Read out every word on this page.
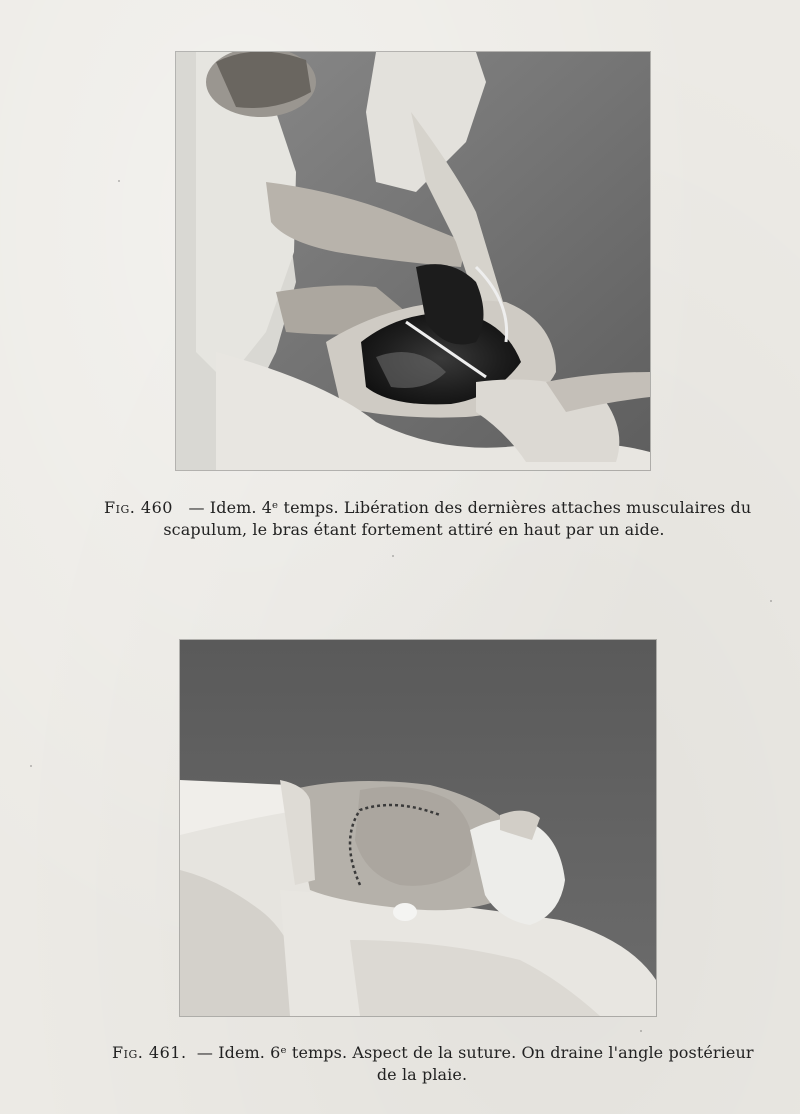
Fig. 460 — Idem. 4ᵉ temps. Libération des dernières attaches musculaires du
scapulum, le bras étant fortement attiré en haut par un aide.
Fig. 461. — Idem. 6ᵉ temps. Aspect de la suture. On draine l'angle postérieur
de la plaie.
